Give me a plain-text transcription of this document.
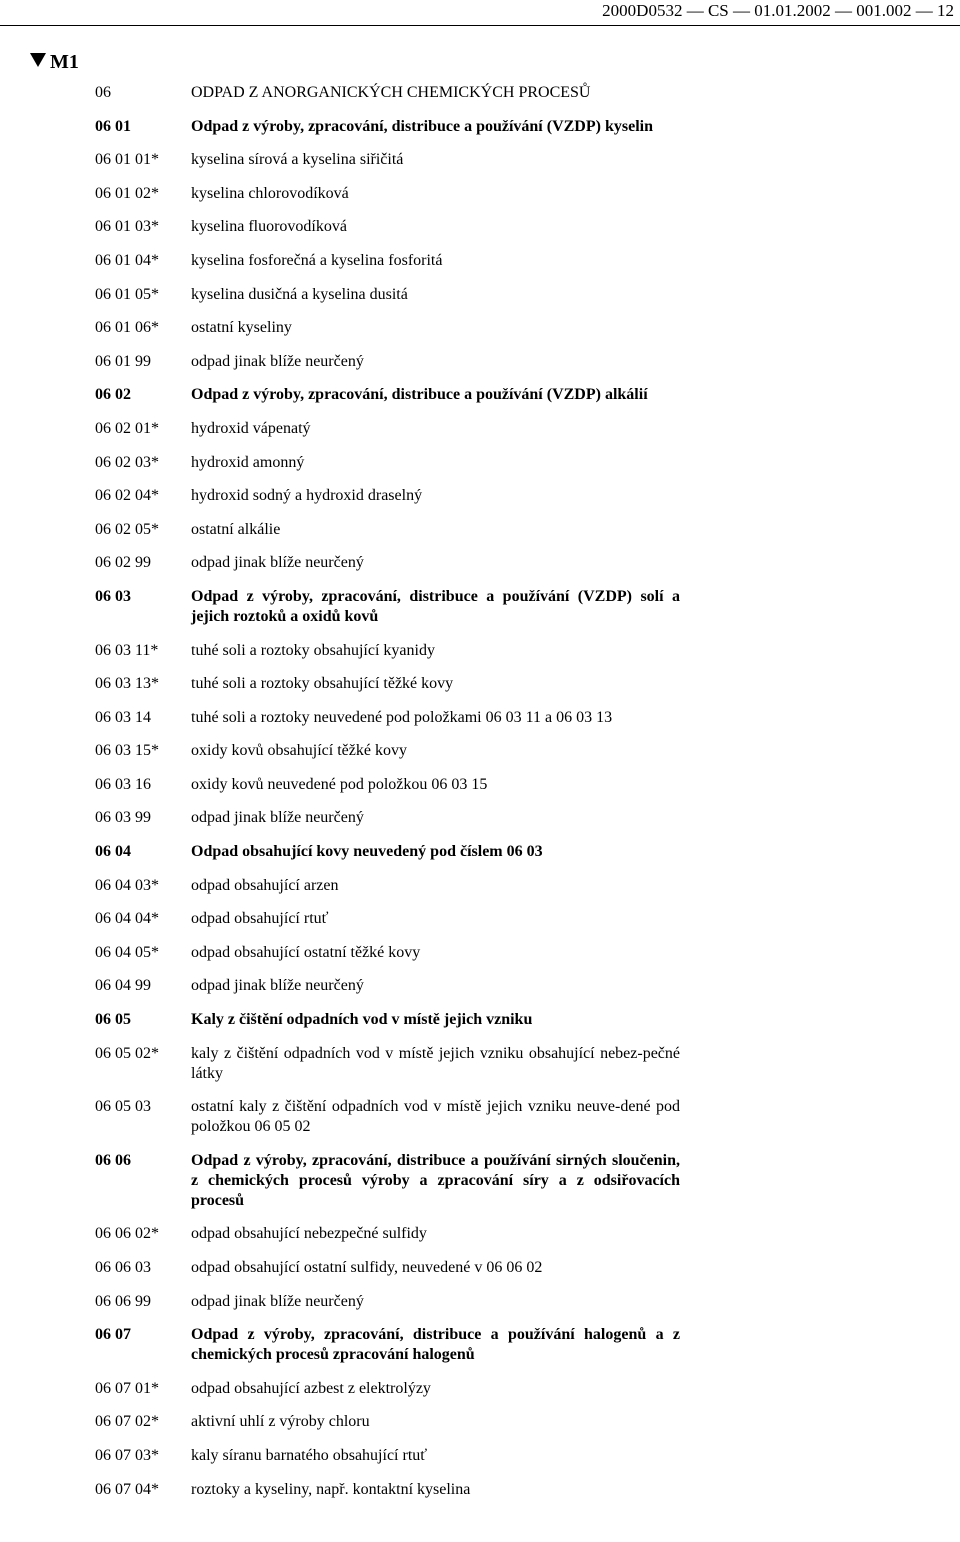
2000D0532 — CS — 01.01.2002 — 001.002 — 12
M1
06	ODPAD Z ANORGANICKÝCH CHEMICKÝCH PROCESŮ
06 01	Odpad z výroby, zpracování, distribuce a používání (VZDP) kyselin
06 01 01*	kyselina sírová a kyselina siřičitá
06 01 02*	kyselina chlorovodíková
06 01 03*	kyselina fluorovodíková
06 01 04*	kyselina fosforečná a kyselina fosforitá
06 01 05*	kyselina dusičná a kyselina dusitá
06 01 06*	ostatní kyseliny
06 01 99	odpad jinak blíže neurčený
06 02	Odpad z výroby, zpracování, distribuce a používání (VZDP) alkálií
06 02 01*	hydroxid vápenatý
06 02 03*	hydroxid amonný
06 02 04*	hydroxid sodný a hydroxid draselný
06 02 05*	ostatní alkálie
06 02 99	odpad jinak blíže neurčený
06 03	Odpad z výroby, zpracování, distribuce a používání (VZDP) solí a jejich roztoků a oxidů kovů
06 03 11*	tuhé soli a roztoky obsahující kyanidy
06 03 13*	tuhé soli a roztoky obsahující těžké kovy
06 03 14	tuhé soli a roztoky neuvedené pod položkami 06 03 11 a 06 03 13
06 03 15*	oxidy kovů obsahující těžké kovy
06 03 16	oxidy kovů neuvedené pod položkou 06 03 15
06 03 99	odpad jinak blíže neurčený
06 04	Odpad obsahující kovy neuvedený pod číslem 06 03
06 04 03*	odpad obsahující arzen
06 04 04*	odpad obsahující rtuť
06 04 05*	odpad obsahující ostatní těžké kovy
06 04 99	odpad jinak blíže neurčený
06 05	Kaly z čištění odpadních vod v místě jejich vzniku
06 05 02*	kaly z čištění odpadních vod v místě jejich vzniku obsahující nebez-pečné látky
06 05 03	ostatní kaly z čištění odpadních vod v místě jejich vzniku neuve-dené pod položkou 06 05 02
06 06	Odpad z výroby, zpracování, distribuce a používání sirných sloučenin, z chemických procesů výroby a zpracování síry a z odsiřovacích procesů
06 06 02*	odpad obsahující nebezpečné sulfidy
06 06 03	odpad obsahující ostatní sulfidy, neuvedené v 06 06 02
06 06 99	odpad jinak blíže neurčený
06 07	Odpad z výroby, zpracování, distribuce a používání halogenů a z chemických procesů zpracování halogenů
06 07 01*	odpad obsahující azbest z elektrolýzy
06 07 02*	aktivní uhlí z výroby chloru
06 07 03*	kaly síranu barnatého obsahující rtuť
06 07 04*	roztoky a kyseliny, např. kontaktní kyselina
